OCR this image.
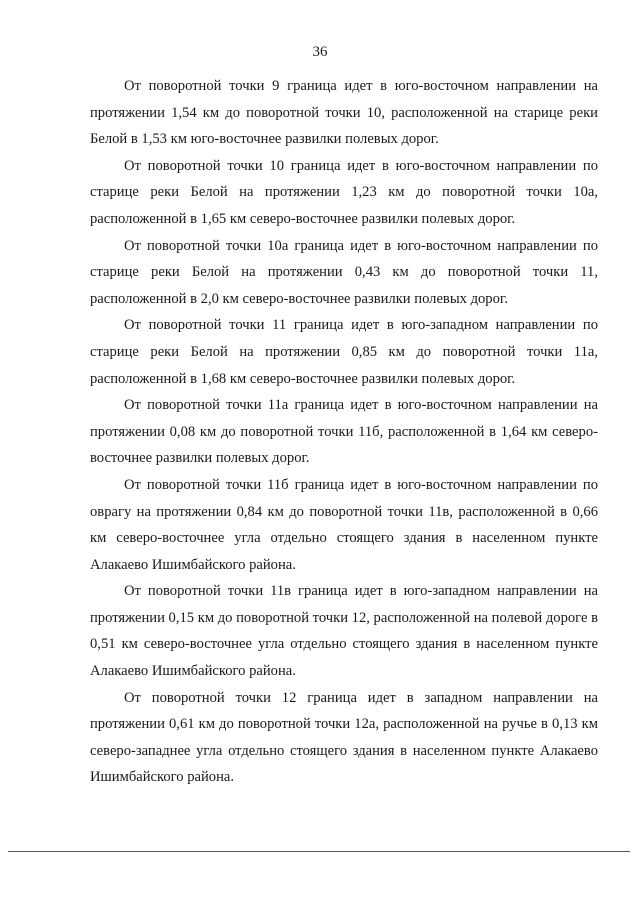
36

От поворотной точки 9 граница идет в юго-восточном направлении на протяжении 1,54 км до поворотной точки 10, расположенной на старице реки Белой в 1,53 км юго-восточнее развилки полевых дорог.

От поворотной точки 10 граница идет в юго-восточном направлении по старице реки Белой на протяжении 1,23 км до поворотной точки 10а, расположенной в 1,65 км северо-восточнее развилки полевых дорог.

От поворотной точки 10а граница идет в юго-восточном направлении по старице реки Белой на протяжении 0,43 км до поворотной точки 11, расположенной в 2,0 км северо-восточнее развилки полевых дорог.

От поворотной точки 11 граница идет в юго-западном направлении по старице реки Белой на протяжении 0,85 км до поворотной точки 11а, расположенной в 1,68 км северо-восточнее развилки полевых дорог.

От поворотной точки 11а граница идет в юго-восточном направлении на протяжении 0,08 км до поворотной точки 11б, расположенной в 1,64 км северо-восточнее развилки полевых дорог.

От поворотной точки 11б граница идет в юго-восточном направлении по оврагу на протяжении 0,84 км до поворотной точки 11в, расположенной в 0,66 км северо-восточнее угла отдельно стоящего здания в населенном пункте Алакаево Ишимбайского района.

От поворотной точки 11в граница идет в юго-западном направлении на протяжении 0,15 км до поворотной точки 12, расположенной на полевой дороге в 0,51 км северо-восточнее угла отдельно стоящего здания в населенном пункте Алакаево Ишимбайского района.

От поворотной точки 12 граница идет в западном направлении на протяжении 0,61 км до поворотной точки 12а, расположенной на ручье в 0,13 км северо-западнее угла отдельно стоящего здания в населенном пункте Алакаево Ишимбайского района.
